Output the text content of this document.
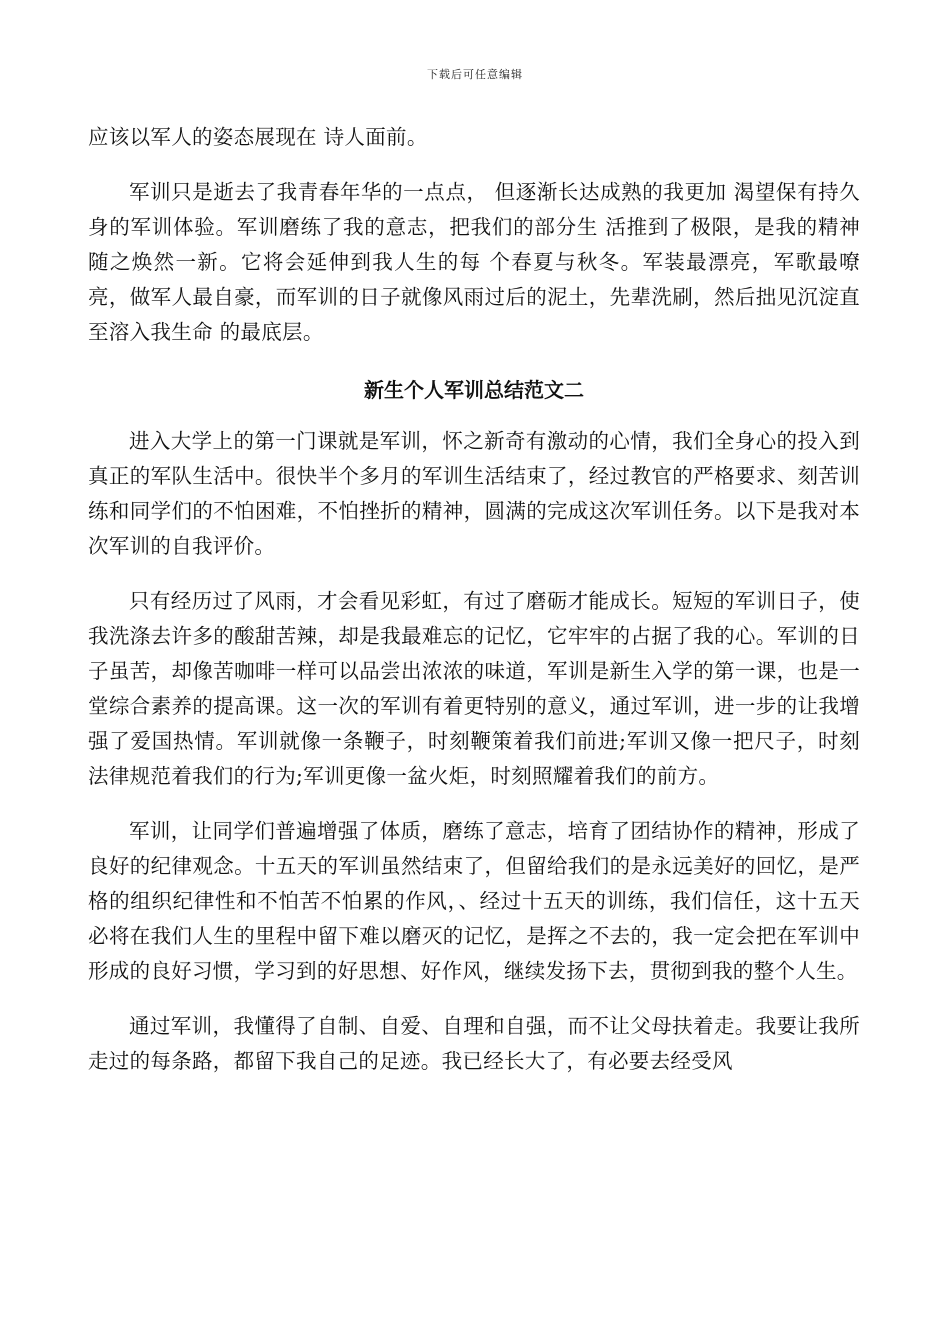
下载后可任意编辑

应该以军人的姿态展现在 诗人面前。

军训只是逝去了我青春年华的一点点， 但逐渐长达成熟的我更加 渴望保有持久身的军训体验。军训磨练了我的意志，把我们的部分生 活推到了极限，是我的精神随之焕然一新。它将会延伸到我人生的每 个春夏与秋冬。军装最漂亮，军歌最嘹亮，做军人最自豪，而军训的日子就像风雨过后的泥土，先辈洗刷，然后拙见沉淀直至溶入我生命 的最底层。

新生个人军训总结范文二

进入大学上的第一门课就是军训，怀之新奇有激动的心情，我们全身心的投入到真正的军队生活中。很快半个多月的军训生活结束了，经过教官的严格要求、刻苦训练和同学们的不怕困难，不怕挫折的精神，圆满的完成这次军训任务。以下是我对本次军训的自我评价。

只有经历过了风雨，才会看见彩虹，有过了磨砺才能成长。短短的军训日子，使我洗涤去许多的酸甜苦辣，却是我最难忘的记忆，它牢牢的占据了我的心。军训的日子虽苦，却像苦咖啡一样可以品尝出浓浓的味道，军训是新生入学的第一课，也是一堂综合素养的提高课。这一次的军训有着更特别的意义，通过军训，进一步的让我增强了爱国热情。军训就像一条鞭子，时刻鞭策着我们前进;军训又像一把尺子，时刻法律规范着我们的行为;军训更像一盆火炬，时刻照耀着我们的前方。

军训，让同学们普遍增强了体质，磨练了意志，培育了团结协作的精神，形成了良好的纪律观念。十五天的军训虽然结束了，但留给我们的是永远美好的回忆，是严格的组织纪律性和不怕苦不怕累的作风，、经过十五天的训练，我们信任，这十五天必将在我们人生的里程中留下难以磨灭的记忆，是挥之不去的，我一定会把在军训中形成的良好习惯，学习到的好思想、好作风，继续发扬下去，贯彻到我的整个人生。

通过军训，我懂得了自制、自爱、自理和自强，而不让父母扶着走。我要让我所走过的每条路，都留下我自己的足迹。我已经长大了，有必要去经受风
